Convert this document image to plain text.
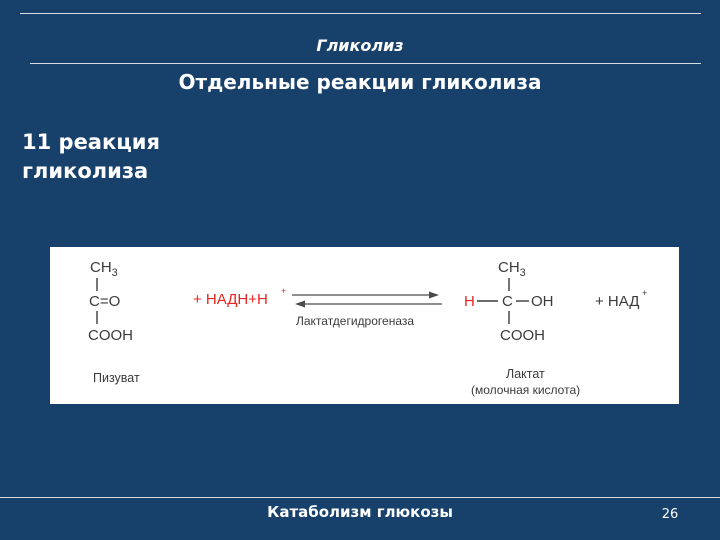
Гликолиз
Отдельные реакции гликолиза
11 реакция
гликолиза
$CH_3$
C=O
COOH
Пизуват
+ НАДН+Н +
Лактатдегидрогеназа
$CH_3$
H C OH
COOH
Лактат
(молочная кислота)
+ НАД +
Катаболизм глюкозы	26
